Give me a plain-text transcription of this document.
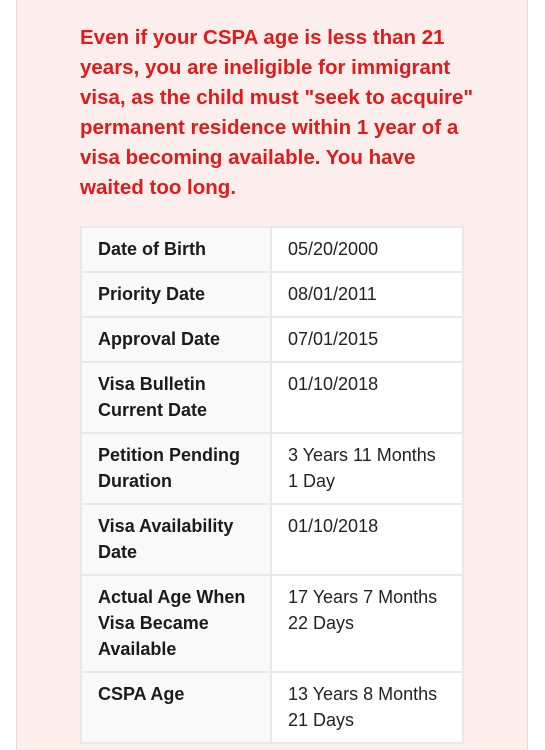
Even if your CSPA age is less than 21 years, you are ineligible for immigrant visa, as the child must "seek to acquire" permanent residence within 1 year of a visa becoming available. You have waited too long.
Date of Birth	05/20/2000
Priority Date	08/01/2011
Approval Date	07/01/2015
Visa Bulletin Current Date	01/10/2018
Petition Pending Duration	3 Years 11 Months 1 Day
Visa Availability Date	01/10/2018
Actual Age When Visa Became Available	17 Years 7 Months 22 Days
CSPA Age	13 Years 8 Months 21 Days
